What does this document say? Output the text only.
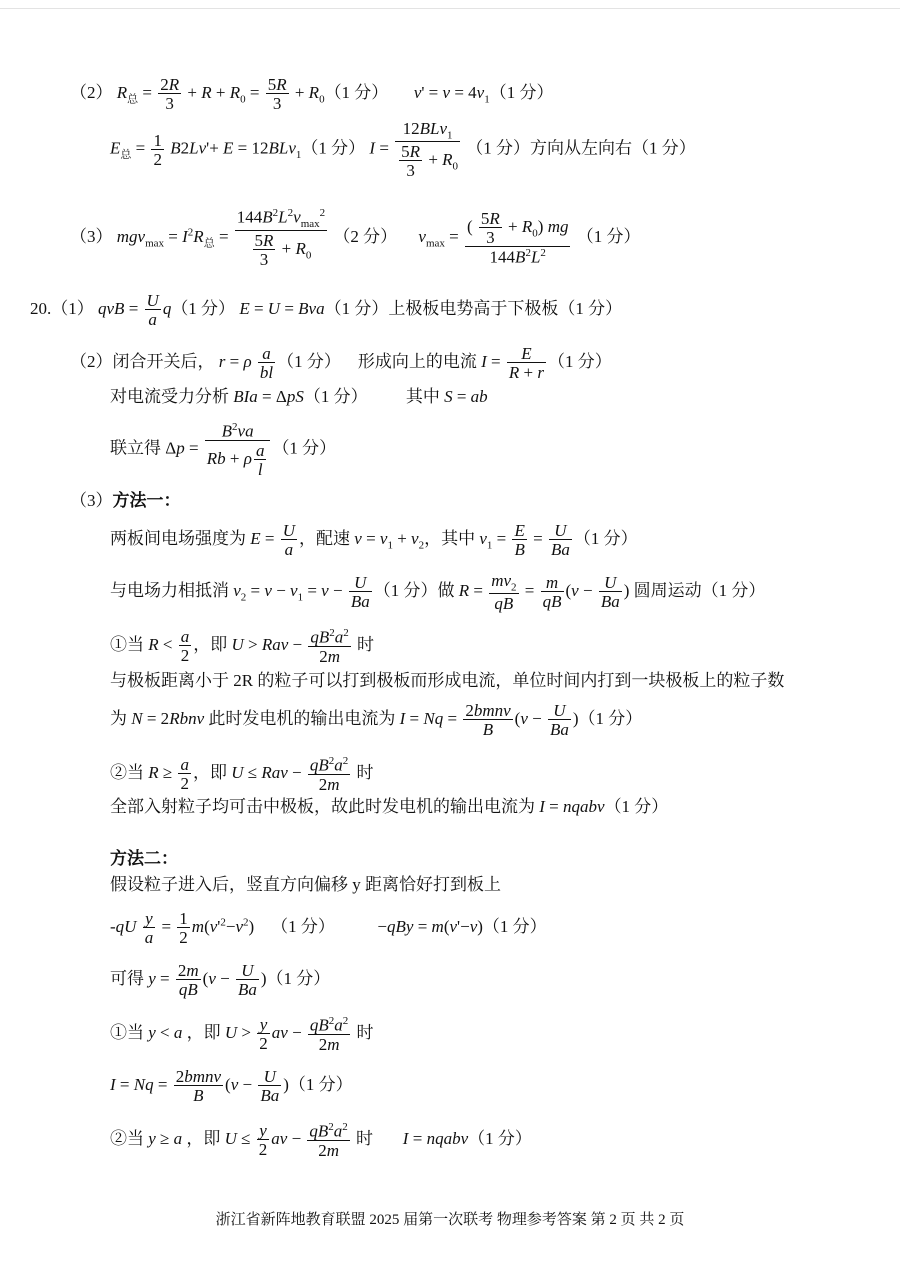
（2） $R_总 = \frac{2R}{3} + R + R_0 = \frac{5R}{3} + R_0(1$ 分）      $v' = v = 4v_1(1$ 分）
$E_总 = \frac{1}{2} B2Lv'+ E = 12BLv_1(1$ 分） $I = \frac{12BLv_1}{\frac{5R}{3} + R_0} (1$ 分）方向从左向右（1 分）
（3） $mgv_{max} = I^2R_总 = \frac{144B^2L^2v_{max}^2}{\frac{5R}{3} + R_0} (2$ 分）     $v_{max} = \frac{( \frac{5R}{3} + R_0) mg}{144B^2L^2} (1$ 分）
20.（1） qvB = $\frac{U}{a} q(1$ 分） E = U = Bva（1 分）上极板电势高于下极板（1 分）
（2）闭合开关后， r = ρ $\frac{a}{bl} (1$ 分）    形成向上的电流 $I = \frac{E}{R + r} (1$ 分）
对电流受力分析 BIa = ΔpS（1 分）         其中 S = ab
联立得 $\Delta p = \frac{B^2va}{Rb + \rho \frac{a}{l}} (1$ 分）
（3）方法一：
两板间电场强度为 $E = \frac{U}{a}$ ，配速 $v = v_1 + v_2$，其中 $v_1 = \frac{E}{B} = \frac{U}{Ba} (1$ 分）
与电场力相抵消 $v_2 = v - v_1 = v - \frac{U}{Ba} (1$ 分）做 $R = \frac{mv_2}{qB} = \frac{m}{qB} (v - \frac{U}{Ba}$ ) 圆周运动（1 分）
①当 $R < \frac{a}{2}$ ，即 U > Rav − $\frac{qB^2a^2}{2m}$ 时
与极板距离小于 2R 的粒子可以打到极板而形成电流，单位时间内打到一块极板上的粒子数
为 N = 2Rbnv 此时发电机的输出电流为 $I = Nq = \frac{\text{2bmnv}}{B} (v - \frac{U}{Ba} )(1$ 分）
②当 $R \ge \frac{a}{2}$ ，即 U ≤ Rav − $\frac{qB^2a^2}{2m}$ 时
全部入射粒子均可击中极板，故此时发电机的输出电流为 I = nqabv（1 分）
方法二：
假设粒子进入后，竖直方向偏移 y 距离恰好打到板上
$-qU \frac{y}{a} = \frac{1}{2} m(v'^2-v^2)$    （1 分）          −qBy = m(v'−v)（1 分）
可得 $y = \frac{2m}{qB} (v - \frac{U}{Ba} )(1$ 分）
①当 y < a ，即 $U > \frac{y}{2}$ av − $\frac{qB^2a^2}{2m}$ 时
$I = Nq = \frac{\text{2bmnv}}{B} (v - \frac{U}{Ba} )(1$ 分）
②当 y ≥ a ，即 $U \le \frac{y}{2}$ av − $\frac{qB^2a^2}{2m}$ 时       I = nqabv（1 分）
浙江省新阵地教育联盟 2025 届第一次联考 物理参考答案 第 2 页 共 2 页
